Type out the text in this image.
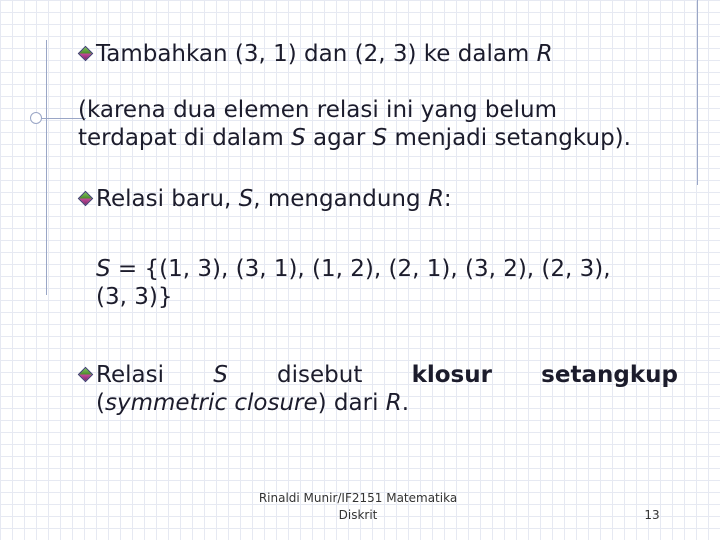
Tambahkan (3, 1) dan (2, 3) ke dalam R

(karena dua elemen relasi ini yang belum
terdapat di dalam S agar S menjadi setangkup).
Relasi baru, S, mengandung R:
S = {(1, 3), (3, 1), (1, 2), (2, 1), (3, 2), (2, 3),
(3, 3)}
Relasi S disebut klosur setangkup
(symmetric closure) dari R.
Rinaldi Munir/IF2151 Matematika
Diskrit	13
